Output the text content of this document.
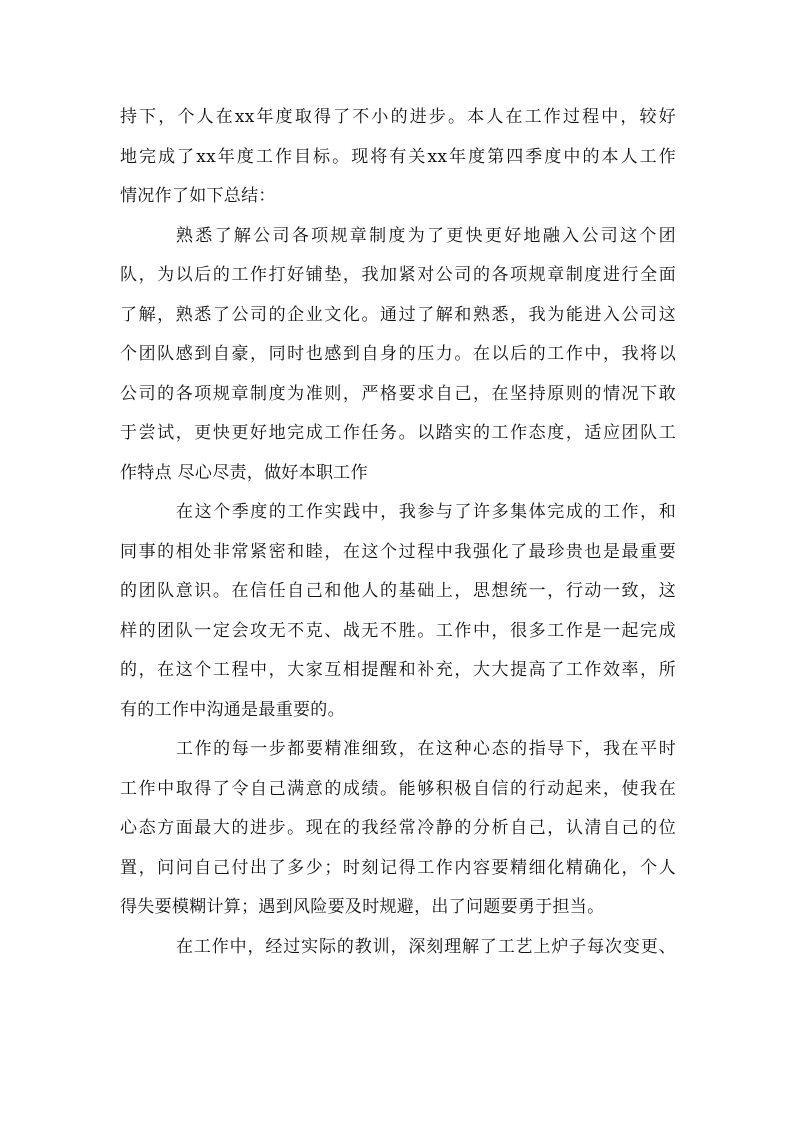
持下，个人在xx年度取得了不小的进步。本人在工作过程中，较好
地完成了xx年度工作目标。现将有关xx年度第四季度中的本人工作
情况作了如下总结：
熟悉了解公司各项规章制度为了更快更好地融入公司这个团
队，为以后的工作打好铺垫，我加紧对公司的各项规章制度进行全面
了解，熟悉了公司的企业文化。通过了解和熟悉，我为能进入公司这
个团队感到自豪，同时也感到自身的压力。在以后的工作中，我将以
公司的各项规章制度为准则，严格要求自己，在坚持原则的情况下敢
于尝试，更快更好地完成工作任务。以踏实的工作态度，适应团队工
作特点 尽心尽责，做好本职工作
在这个季度的工作实践中，我参与了许多集体完成的工作，和
同事的相处非常紧密和睦，在这个过程中我强化了最珍贵也是最重要
的团队意识。在信任自己和他人的基础上，思想统一，行动一致，这
样的团队一定会攻无不克、战无不胜。工作中，很多工作是一起完成
的，在这个工程中，大家互相提醒和补充，大大提高了工作效率，所
有的工作中沟通是最重要的。
工作的每一步都要精准细致，在这种心态的指导下，我在平时
工作中取得了令自己满意的成绩。能够积极自信的行动起来，使我在
心态方面最大的进步。现在的我经常冷静的分析自己，认清自己的位
置，问问自己付出了多少；时刻记得工作内容要精细化精确化，个人
得失要模糊计算；遇到风险要及时规避，出了问题要勇于担当。
在工作中，经过实际的教训，深刻理解了工艺上炉子每次变更、
